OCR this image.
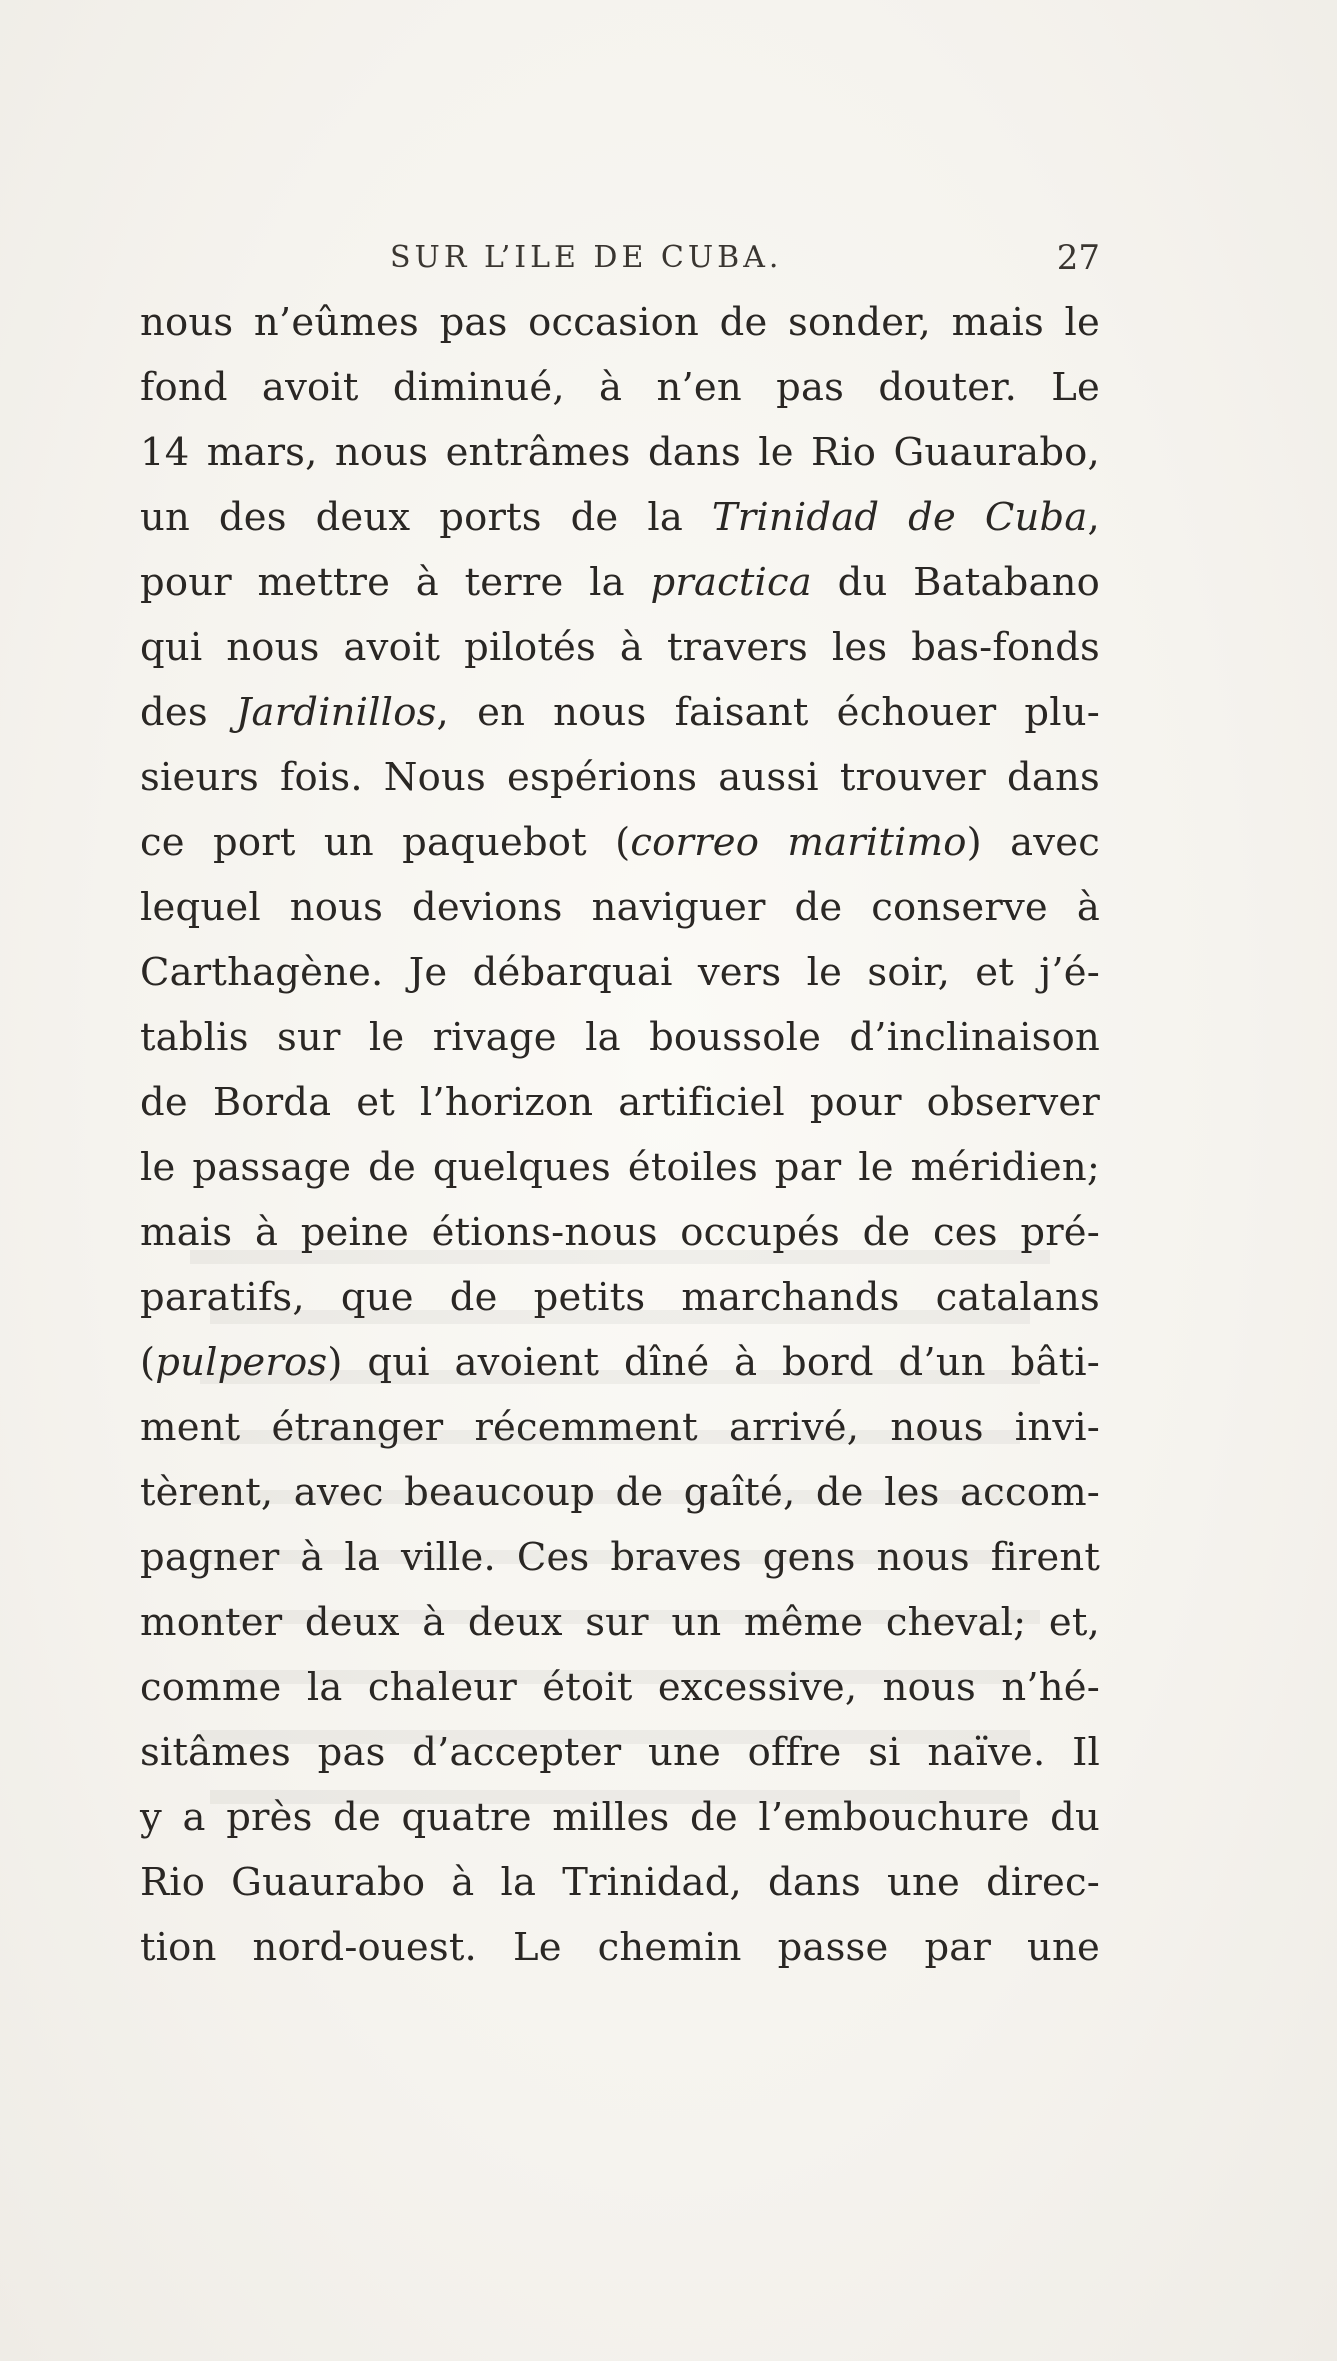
SUR L’ILE DE CUBA.	27
nous n’eûmes pas occasion de sonder, mais le
fond avoit diminué, à n’en pas douter. Le
14 mars, nous entrâmes dans le Rio Guaurabo,
un des deux ports de la Trinidad de Cuba,
pour mettre à terre la practica du Batabano
qui nous avoit pilotés à travers les bas-fonds
des Jardinillos, en nous faisant échouer plu-
sieurs fois. Nous espérions aussi trouver dans
ce port un paquebot (correo maritimo) avec
lequel nous devions naviguer de conserve à
Carthagène. Je débarquai vers le soir, et j’é-
tablis sur le rivage la boussole d’inclinaison
de Borda et l’horizon artificiel pour observer
le passage de quelques étoiles par le méridien;
mais à peine étions-nous occupés de ces pré-
paratifs, que de petits marchands catalans
(pulperos) qui avoient dîné à bord d’un bâti-
ment étranger récemment arrivé, nous invi-
tèrent, avec beaucoup de gaîté, de les accom-
pagner à la ville. Ces braves gens nous firent
monter deux à deux sur un même cheval; et,
comme la chaleur étoit excessive, nous n’hé-
sitâmes pas d’accepter une offre si naïve. Il
y a près de quatre milles de l’embouchure du
Rio Guaurabo à la Trinidad, dans une direc-
tion nord-ouest. Le chemin passe par une
